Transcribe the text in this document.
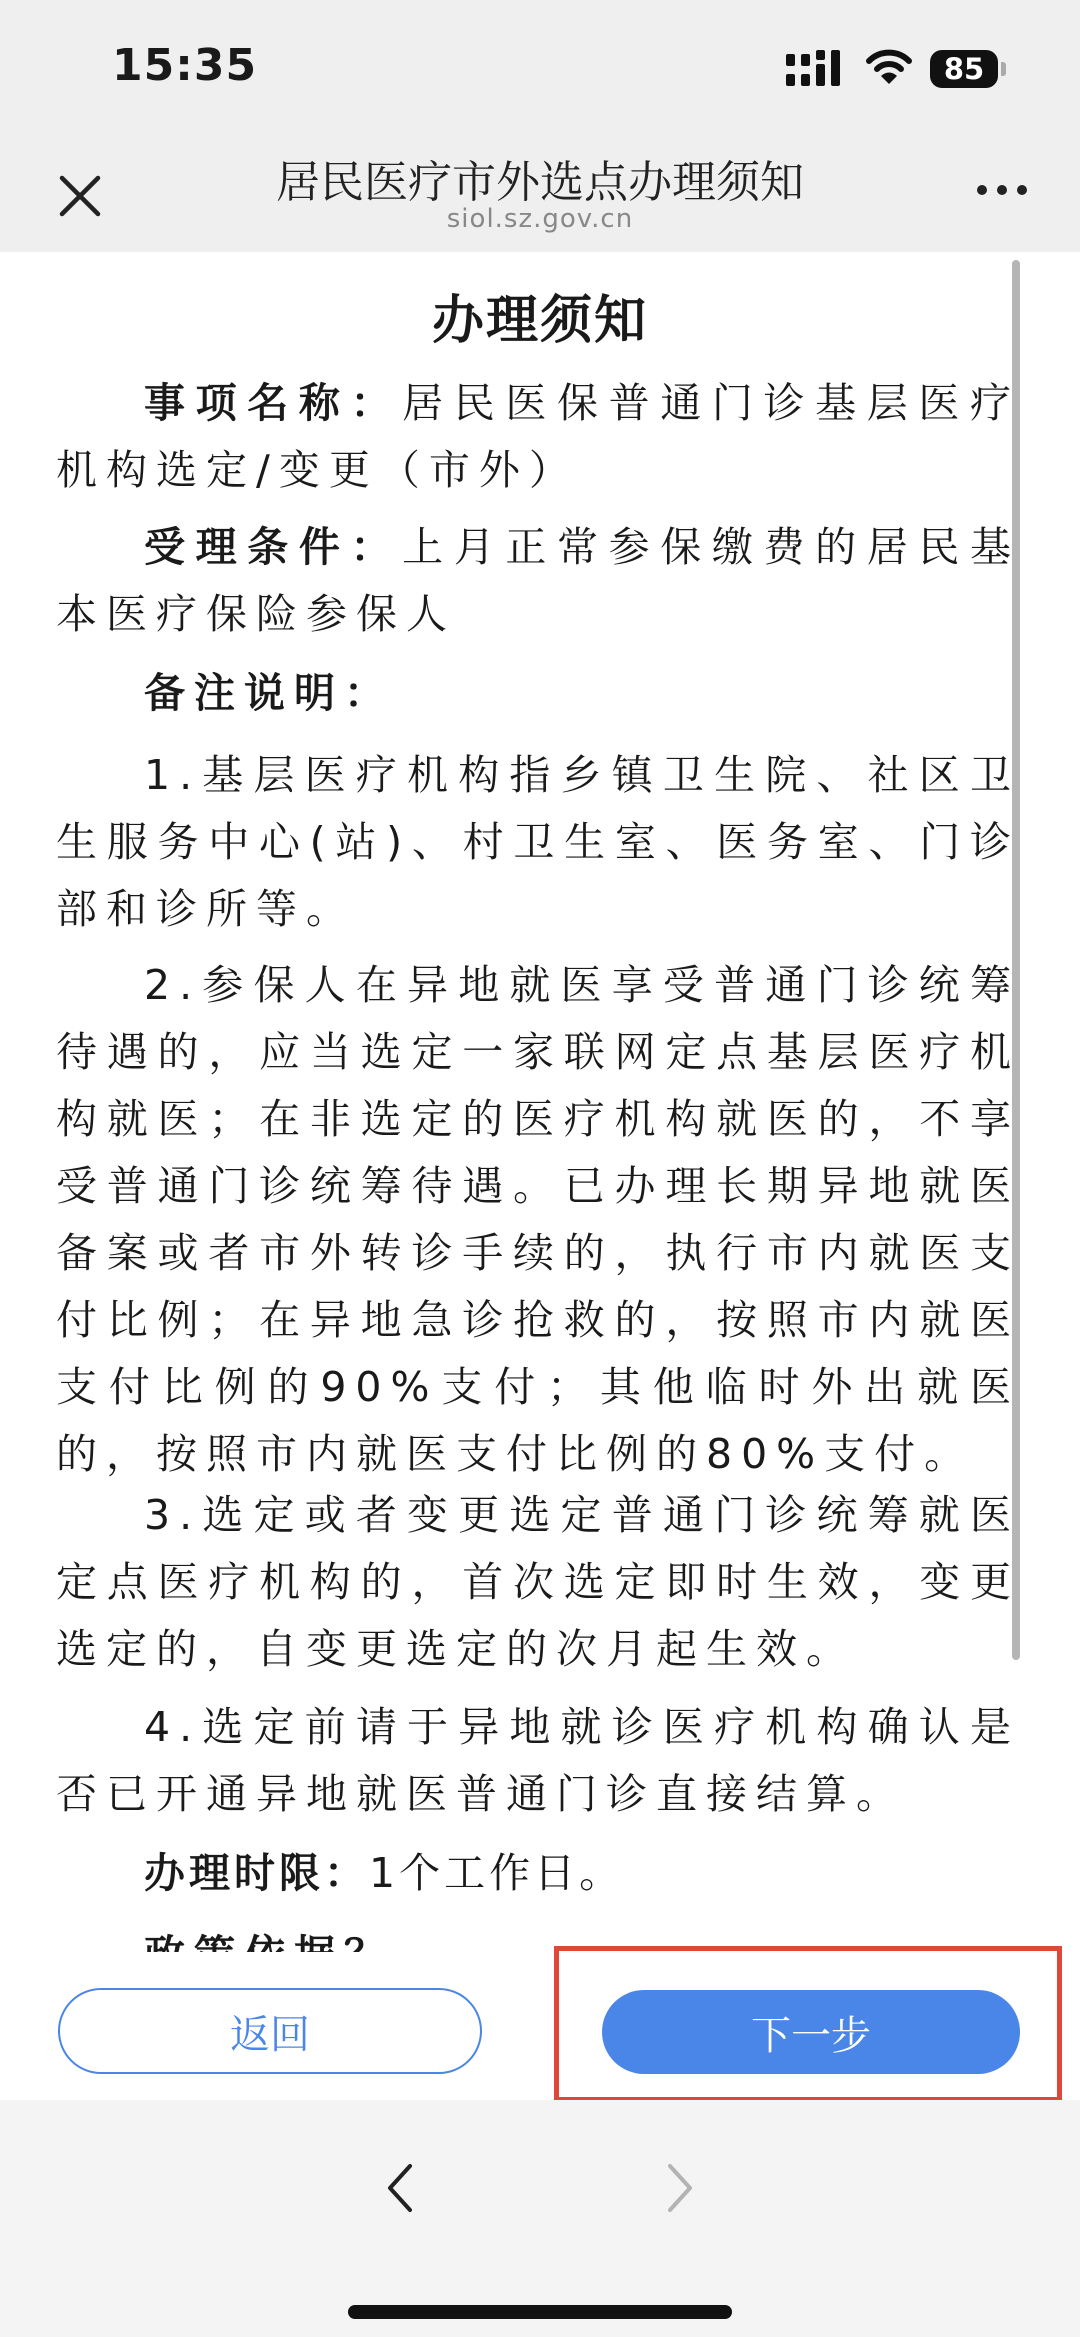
15:35	85
居民医疗市外选点办理须知
siol.sz.gov.cn
办理须知

事项名称：居民医保普通门诊基层医疗机构选定/变更（市外）

受理条件：上月正常参保缴费的居民基本医疗保险参保人

备注说明：

1.基层医疗机构指乡镇卫生院、社区卫生服务中心(站)、村卫生室、医务室、门诊部和诊所等。

2.参保人在异地就医享受普通门诊统筹待遇的，应当选定一家联网定点基层医疗机构就医；在非选定的医疗机构就医的，不享受普通门诊统筹待遇。已办理长期异地就医备案或者市外转诊手续的，执行市内就医支付比例；在异地急诊抢救的，按照市内就医支付比例的90%支付；其他临时外出就医的，按照市内就医支付比例的80%支付。

3.选定或者变更选定普通门诊统筹就医定点医疗机构的，首次选定即时生效，变更选定的，自变更选定的次月起生效。

4.选定前请于异地就诊医疗机构确认是否已开通异地就医普通门诊直接结算。

办理时限：1个工作日。

返回	下一步
